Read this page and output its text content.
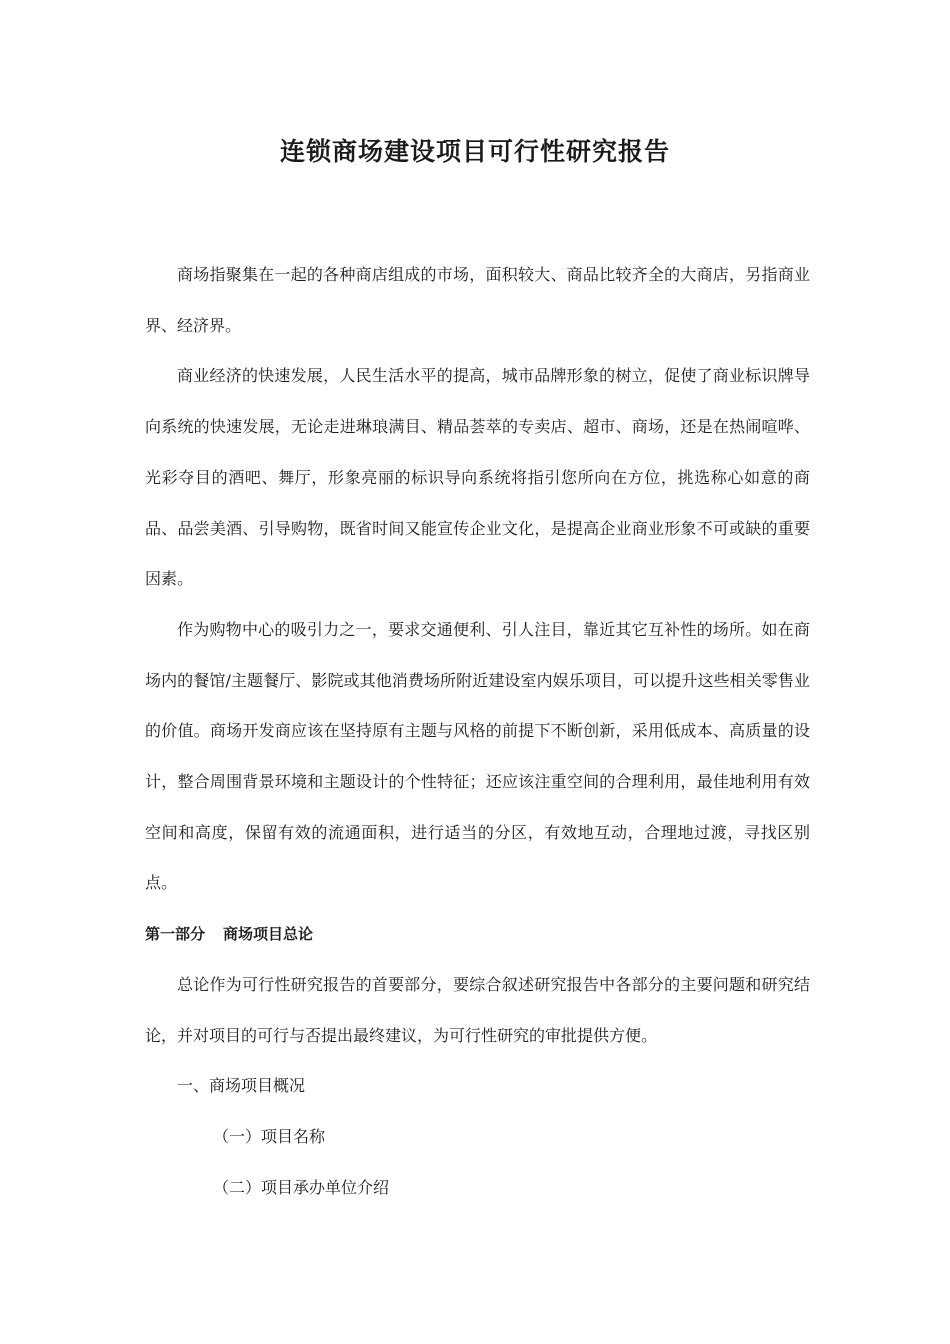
连锁商场建设项目可行性研究报告

商场指聚集在一起的各种商店组成的市场，面积较大、商品比较齐全的大商店，另指商业界、经济界。

商业经济的快速发展，人民生活水平的提高，城市品牌形象的树立，促使了商业标识牌导向系统的快速发展，无论走进琳琅满目、精品荟萃的专卖店、超市、商场，还是在热闹喧哗、光彩夺目的酒吧、舞厅，形象亮丽的标识导向系统将指引您所向在方位，挑选称心如意的商品、品尝美酒、引导购物，既省时间又能宣传企业文化，是提高企业商业形象不可或缺的重要因素。

作为购物中心的吸引力之一，要求交通便利、引人注目，靠近其它互补性的场所。如在商场内的餐馆/主题餐厅、影院或其他消费场所附近建设室内娱乐项目，可以提升这些相关零售业的价值。商场开发商应该在坚持原有主题与风格的前提下不断创新，采用低成本、高质量的设计，整合周围背景环境和主题设计的个性特征；还应该注重空间的合理利用，最佳地利用有效空间和高度，保留有效的流通面积，进行适当的分区，有效地互动，合理地过渡，寻找区别点。

第一部分 商场项目总论

总论作为可行性研究报告的首要部分，要综合叙述研究报告中各部分的主要问题和研究结论，并对项目的可行与否提出最终建议，为可行性研究的审批提供方便。

一、商场项目概况

（一）项目名称

（二）项目承办单位介绍
